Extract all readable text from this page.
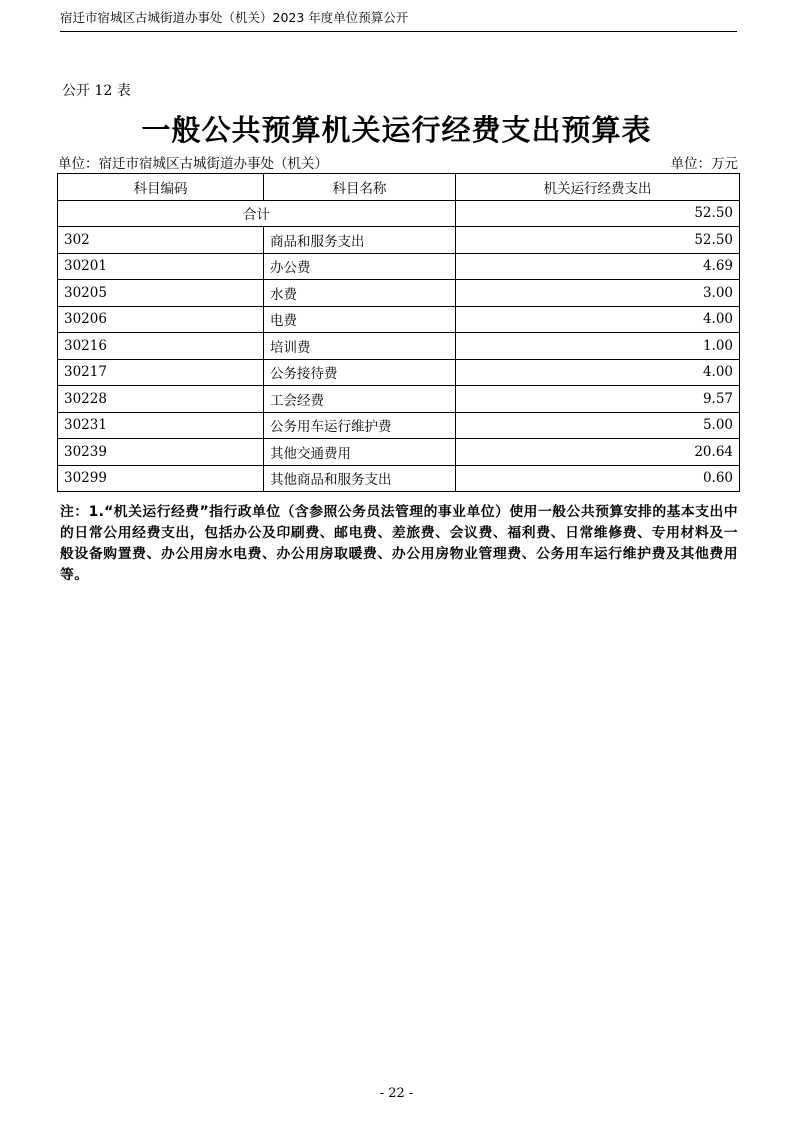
宿迁市宿城区古城街道办事处（机关）2023 年度单位预算公开
公开 12 表
一般公共预算机关运行经费支出预算表
单位：宿迁市宿城区古城街道办事处（机关）	单位：万元
科目编码	科目名称	机关运行经费支出
合计		52.50
302	商品和服务支出	52.50
30201	办公费	4.69
30205	水费	3.00
30206	电费	4.00
30216	培训费	1.00
30217	公务接待费	4.00
30228	工会经费	9.57
30231	公务用车运行维护费	5.00
30239	其他交通费用	20.64
30299	其他商品和服务支出	0.60
注：1.“机关运行经费”指行政单位（含参照公务员法管理的事业单位）使用一般公共预算安排的基本支出中的日常公用经费支出，包括办公及印刷费、邮电费、差旅费、会议费、福利费、日常维修费、专用材料及一般设备购置费、办公用房水电费、办公用房取暖费、办公用房物业管理费、公务用车运行维护费及其他费用等。
- 22 -
